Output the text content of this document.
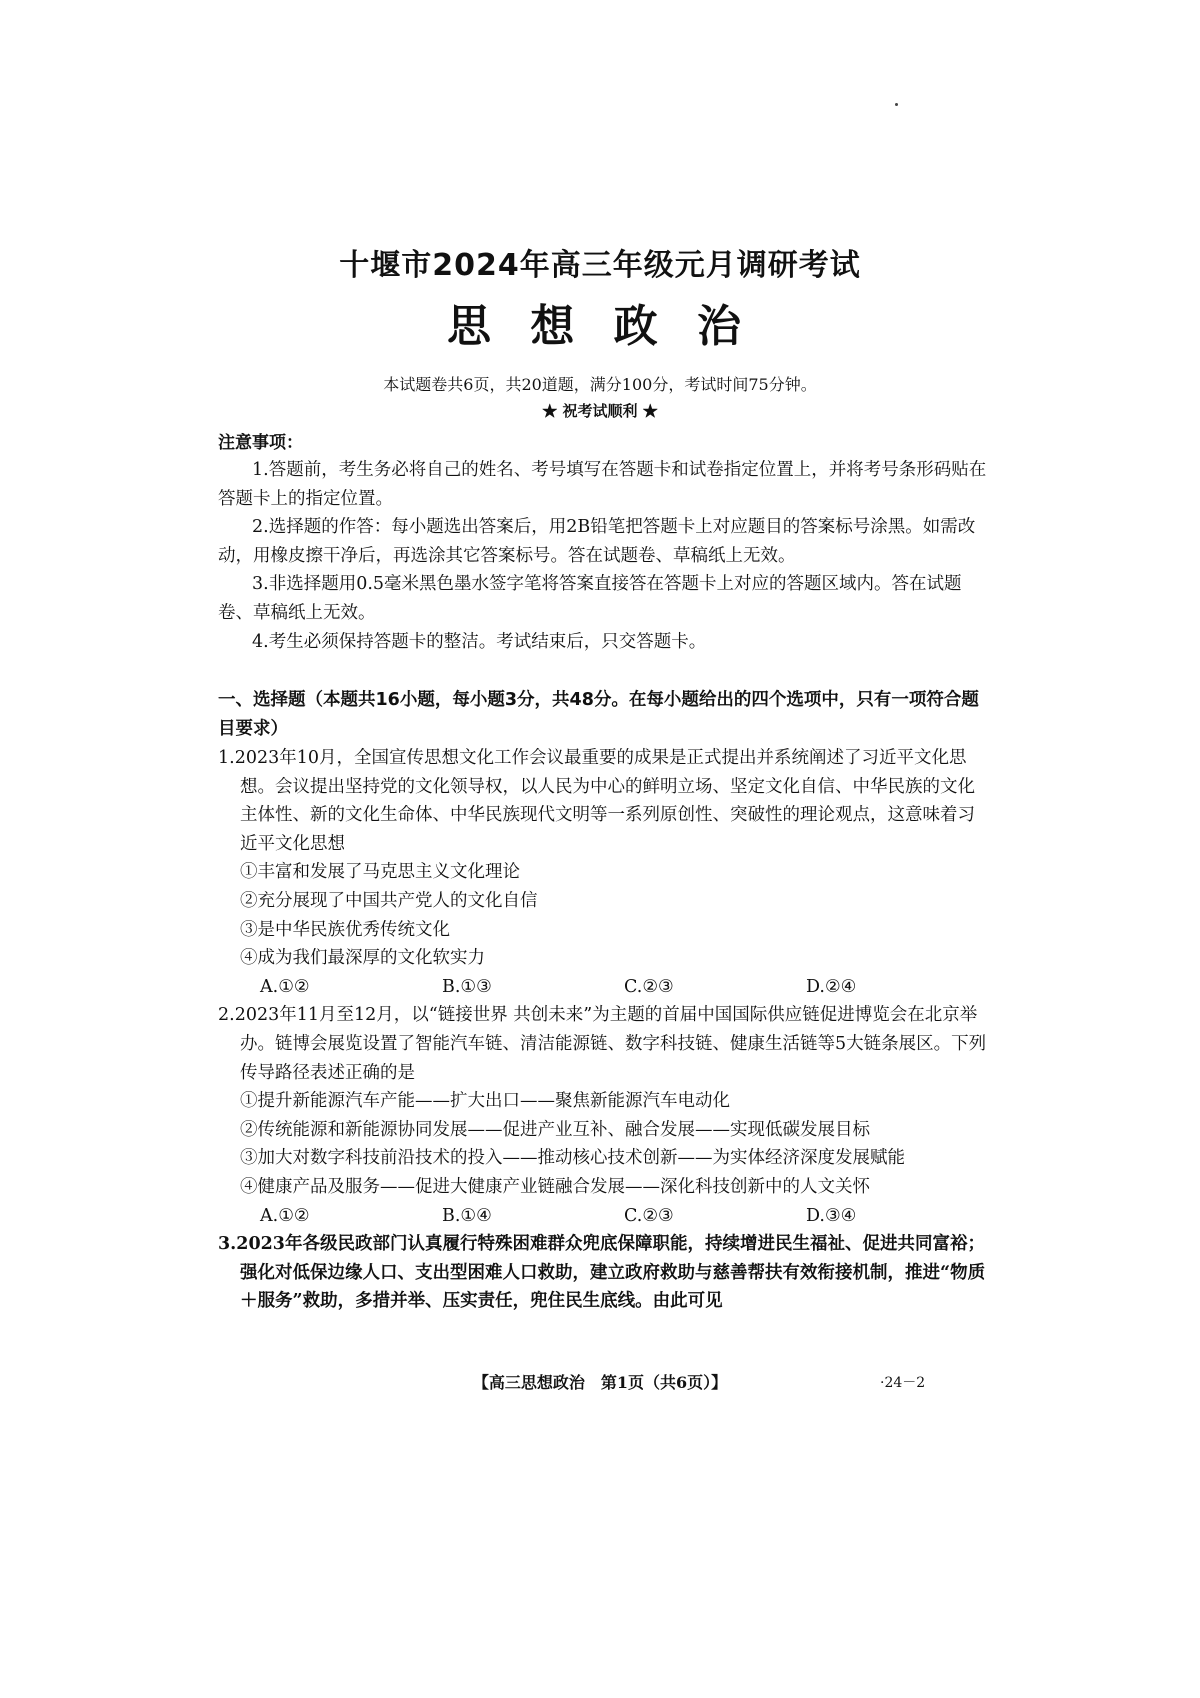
十堰市2024年高三年级元月调研考试
思 想 政 治
本试题卷共6页，共20道题，满分100分，考试时间75分钟。
★ 祝考试顺利 ★
注意事项：

1.答题前，考生务必将自己的姓名、考号填写在答题卡和试卷指定位置上，并将考号条形码贴在答题卡上的指定位置。

2.选择题的作答：每小题选出答案后，用2B铅笔把答题卡上对应题目的答案标号涂黑。如需改动，用橡皮擦干净后，再选涂其它答案标号。答在试题卷、草稿纸上无效。

3.非选择题用0.5毫米黑色墨水签字笔将答案直接答在答题卡上对应的答题区域内。答在试题卷、草稿纸上无效。

4.考生必须保持答题卡的整洁。考试结束后，只交答题卡。

一、选择题（本题共16小题，每小题3分，共48分。在每小题给出的四个选项中，只有一项符合题目要求）

1.2023年10月，全国宣传思想文化工作会议最重要的成果是正式提出并系统阐述了习近平文化思想。会议提出坚持党的文化领导权，以人民为中心的鲜明立场、坚定文化自信、中华民族的文化主体性、新的文化生命体、中华民族现代文明等一系列原创性、突破性的理论观点，这意味着习近平文化思想

①丰富和发展了马克思主义文化理论

②充分展现了中国共产党人的文化自信

③是中华民族优秀传统文化

④成为我们最深厚的文化软实力

A.①②	B.①③	C.②③	D.②④

2.2023年11月至12月，以“链接世界 共创未来”为主题的首届中国国际供应链促进博览会在北京举办。链博会展览设置了智能汽车链、清洁能源链、数字科技链、健康生活链等5大链条展区。下列传导路径表述正确的是

①提升新能源汽车产能——扩大出口——聚焦新能源汽车电动化

②传统能源和新能源协同发展——促进产业互补、融合发展——实现低碳发展目标

③加大对数字科技前沿技术的投入——推动核心技术创新——为实体经济深度发展赋能

④健康产品及服务——促进大健康产业链融合发展——深化科技创新中的人文关怀

A.①②	B.①④	C.②③	D.③④

3.2023年各级民政部门认真履行特殊困难群众兜底保障职能，持续增进民生福祉、促进共同富裕；强化对低保边缘人口、支出型困难人口救助，建立政府救助与慈善帮扶有效衔接机制，推进“物质＋服务”救助，多措并举、压实责任，兜住民生底线。由此可见

【高三思想政治　第1页（共6页）】	·24－2
